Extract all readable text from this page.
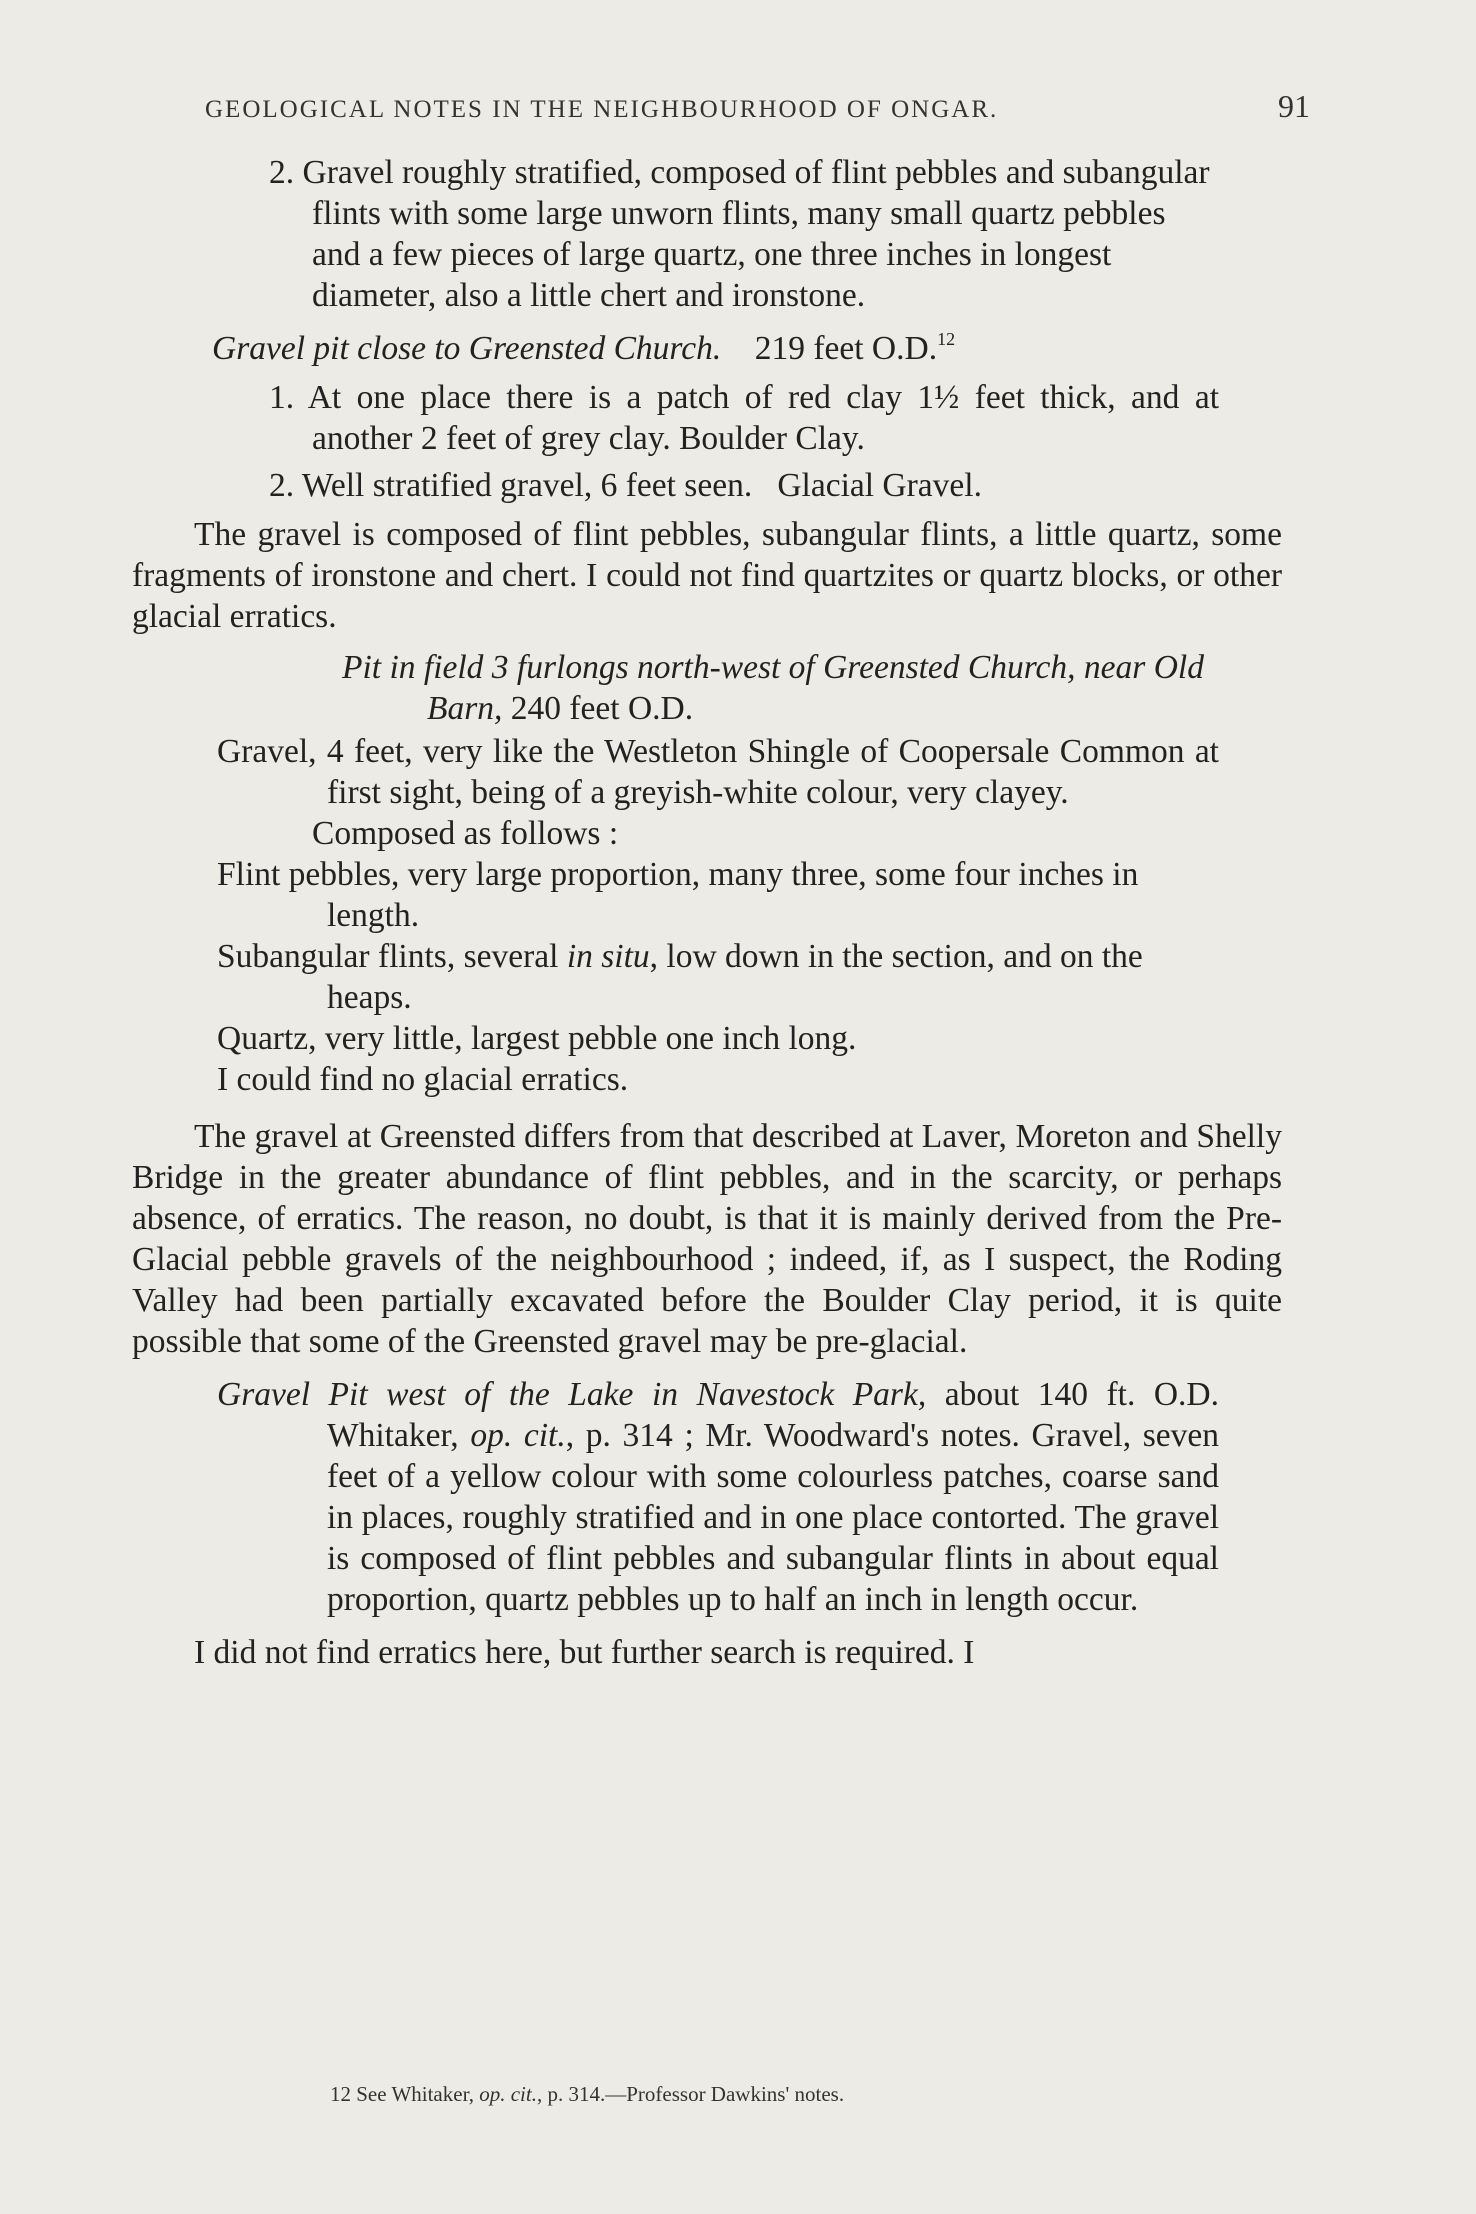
GEOLOGICAL NOTES IN THE NEIGHBOURHOOD OF ONGAR.	91

2. Gravel roughly stratified, composed of flint pebbles and subangular flints with some large unworn flints, many small quartz pebbles and a few pieces of large quartz, one three inches in longest diameter, also a little chert and ironstone.

Gravel pit close to Greensted Church. 219 feet O.D.$^{12}$

1. At one place there is a patch of red clay 1½ feet thick, and at another 2 feet of grey clay. Boulder Clay.

2. Well stratified gravel, 6 feet seen. Glacial Gravel.

The gravel is composed of flint pebbles, subangular flints, a little quartz, some fragments of ironstone and chert. I could not find quartzites or quartz blocks, or other glacial erratics.

Pit in field 3 furlongs north-west of Greensted Church, near Old Barn, 240 feet O.D.

Gravel, 4 feet, very like the Westleton Shingle of Coopersale Common at first sight, being of a greyish-white colour, very clayey.

Composed as follows :

Flint pebbles, very large proportion, many three, some four inches in length.

Subangular flints, several in situ, low down in the section, and on the heaps.

Quartz, very little, largest pebble one inch long.

I could find no glacial erratics.

The gravel at Greensted differs from that described at Laver, Moreton and Shelly Bridge in the greater abundance of flint pebbles, and in the scarcity, or perhaps absence, of erratics. The reason, no doubt, is that it is mainly derived from the Pre-Glacial pebble gravels of the neighbourhood ; indeed, if, as I suspect, the Roding Valley had been partially excavated before the Boulder Clay period, it is quite possible that some of the Greensted gravel may be pre-glacial.

Gravel Pit west of the Lake in Navestock Park, about 140 ft. O.D. Whitaker, op. cit., p. 314 ; Mr. Woodward's notes. Gravel, seven feet of a yellow colour with some colourless patches, coarse sand in places, roughly stratified and in one place contorted. The gravel is composed of flint pebbles and subangular flints in about equal proportion, quartz pebbles up to half an inch in length occur.

I did not find erratics here, but further search is required. I

12 See Whitaker, op. cit., p. 314.—Professor Dawkins' notes.
